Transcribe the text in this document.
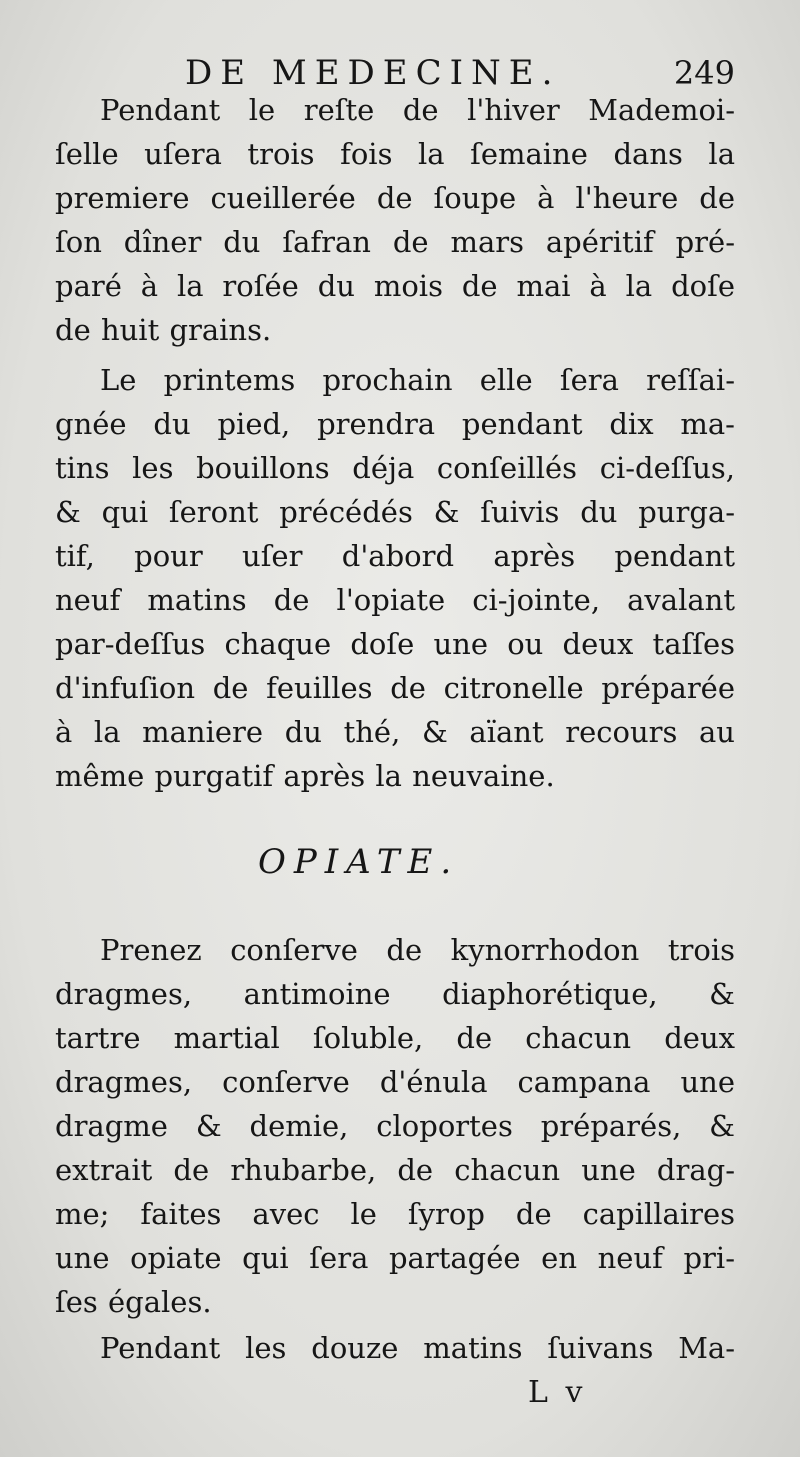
DE MEDECINE.	249
Pendant le reſte de l'hiver Mademoi-
ſelle uſera trois fois la ſemaine dans la
premiere cueillerée de ſoupe à l'heure de
ſon dîner du ſafran de mars apéritif pré-
paré à la roſée du mois de mai à la doſe
de huit grains.
Le printems prochain elle ſera reſſai-
gnée du pied, prendra pendant dix ma-
tins les bouillons déja conſeillés ci-deſſus,
& qui ſeront précédés & ſuivis du purga-
tif, pour uſer d'abord après pendant
neuf matins de l'opiate ci-jointe, avalant
par-deſſus chaque doſe une ou deux taſſes
d'infuſion de feuilles de citronelle préparée
à la maniere du thé, & aïant recours au
même purgatif après la neuvaine.
OPIATE.
Prenez conſerve de kynorrhodon trois
dragmes, antimoine diaphorétique, &
tartre martial ſoluble, de chacun deux
dragmes, conſerve d'énula campana une
dragme & demie, cloportes préparés, &
extrait de rhubarbe, de chacun une drag-
me; faites avec le ſyrop de capillaires
une opiate qui ſera partagée en neuf pri-
ſes égales.
Pendant les douze matins ſuivans Ma-
L v
